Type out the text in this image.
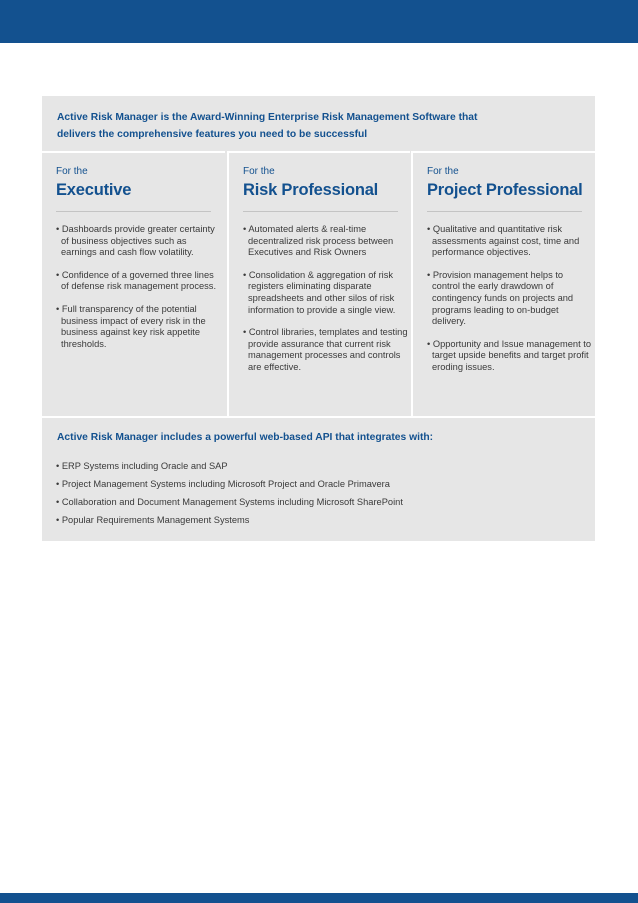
Active Risk Manager is the Award-Winning Enterprise Risk Management Software that
delivers the comprehensive features you need to be successful
For the
Executive
• Dashboards provide greater certainty of business objectives such as earnings and cash flow volatility.
• Confidence of a governed three lines of defense risk management process.
• Full transparency of the potential business impact of every risk in the business against key risk appetite thresholds.
For the
Risk Professional
• Automated alerts & real-time decentralized risk process between Executives and Risk Owners
• Consolidation & aggregation of risk registers eliminating disparate spreadsheets and other silos of risk information to provide a single view.
• Control libraries, templates and testing provide assurance that current risk management processes and controls are effective.
For the
Project Professional
• Qualitative and quantitative risk assessments against cost, time and performance objectives.
• Provision management helps to control the early drawdown of contingency funds on projects and programs leading to on-budget delivery.
• Opportunity and Issue management to target upside benefits and target profit eroding issues.
Active Risk Manager includes a powerful web-based API that integrates with:
• ERP Systems including Oracle and SAP
• Project Management Systems including Microsoft Project and Oracle Primavera
• Collaboration and Document Management Systems including Microsoft SharePoint
• Popular Requirements Management Systems
